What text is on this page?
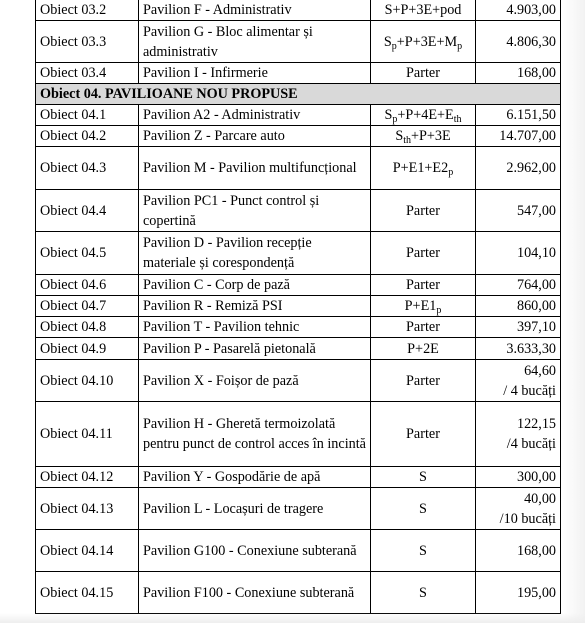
Obiect 03.2	Pavilion F - Administrativ	S+P+3E+pod	4.903,00

Obiect 03.3	Pavilion G - Bloc alimentar și administrativ	$S_p+P+3E+M_p$	4.806,30

Obiect 03.4	Pavilion I - Infirmerie	Parter	168,00

Obiect 04. PAVILIOANE NOU PROPUSE			
Obiect 04.1	Pavilion A2 - Administrativ	$S_p+P+4E+E_{th}$	6.151,50

Obiect 04.2	Pavilion Z - Parcare auto	$S_{th}+P+3E$	14.707,00

Obiect 04.3	Pavilion M - Pavilion multifuncțional	$P+E1+E2_p$	2.962,00

Obiect 04.4	Pavilion PC1 - Punct control și copertină	Parter	547,00

Obiect 04.5	Pavilion D - Pavilion recepție materiale și corespondență	Parter	104,10

Obiect 04.6	Pavilion C - Corp de pază	Parter	764,00

Obiect 04.7	Pavilion R - Remiză PSI	$P+E1_p$	860,00

Obiect 04.8	Pavilion T - Pavilion tehnic	Parter	397,10

Obiect 04.9	Pavilion P - Pasarelă pietonală	P+2E	3.633,30

Obiect 04.10	Pavilion X - Foișor de pază	Parter	64,60
/ 4 bucăți

Obiect 04.11	Pavilion H - Gheretă termoizolată pentru punct de control acces în incintă	Parter	122,15
/4 bucăți

Obiect 04.12	Pavilion Y - Gospodărie de apă	S	300,00

Obiect 04.13	Pavilion L - Locașuri de tragere	S	40,00
/10 bucăți

Obiect 04.14	Pavilion G100 - Conexiune subterană	S	168,00

Obiect 04.15	Pavilion F100 - Conexiune subterană	S	195,00
